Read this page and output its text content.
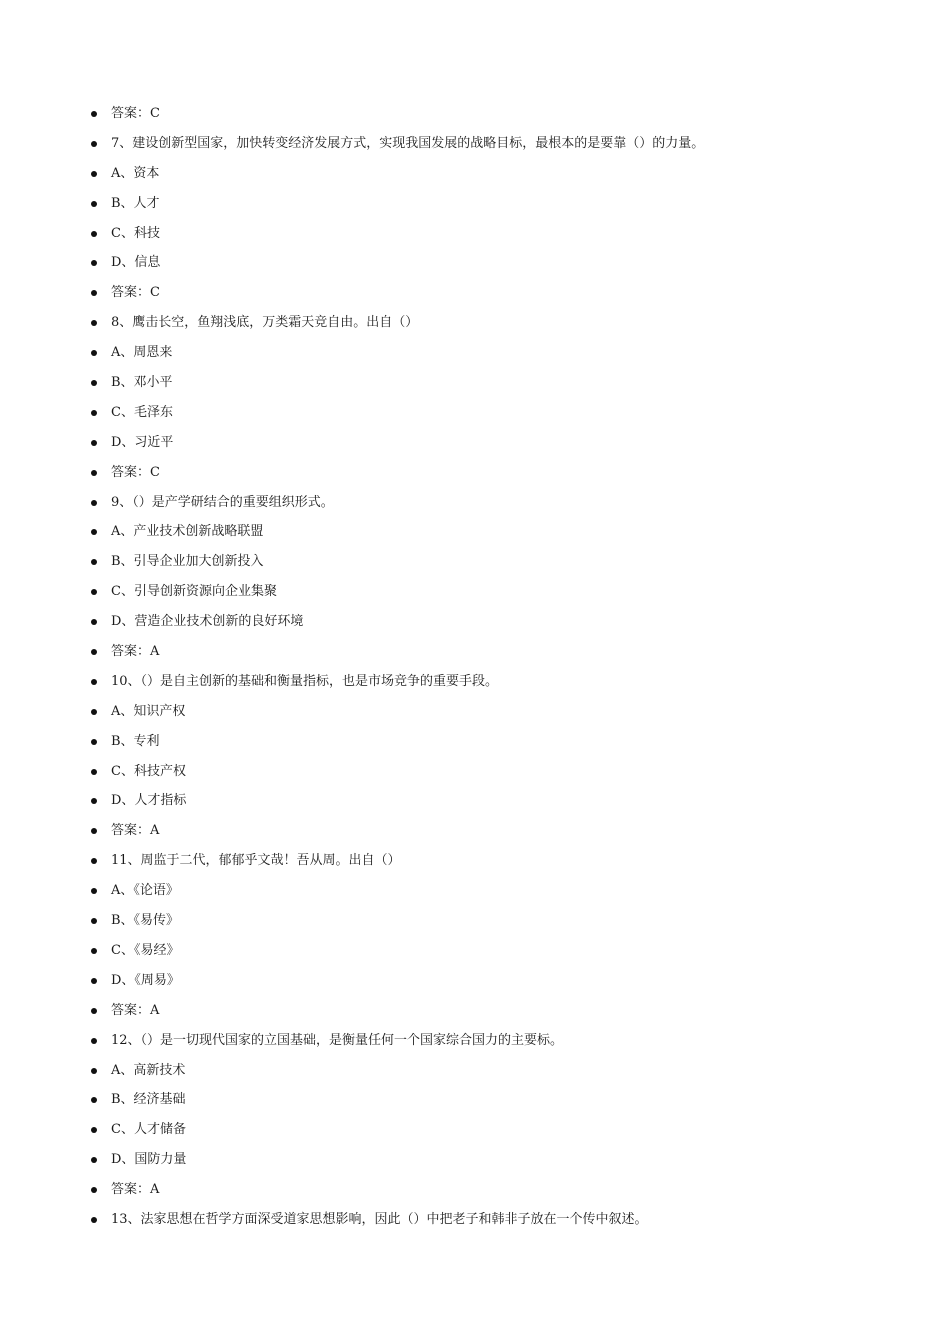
答案：C
7、建设创新型国家，加快转变经济发展方式，实现我国发展的战略目标，最根本的是要靠（）的力量。
A、资本
B、人才
C、科技
D、信息
答案：C
8、鹰击长空，鱼翔浅底，万类霜天竞自由。出自（）
A、周恩来
B、邓小平
C、毛泽东
D、习近平
答案：C
9、（）是产学研结合的重要组织形式。
A、产业技术创新战略联盟
B、引导企业加大创新投入
C、引导创新资源向企业集聚
D、营造企业技术创新的良好环境
答案：A
10、（）是自主创新的基础和衡量指标，也是市场竞争的重要手段。
A、知识产权
B、专利
C、科技产权
D、人才指标
答案：A
11、周监于二代，郁郁乎文哉！吾从周。出自（）
A、《论语》
B、《易传》
C、《易经》
D、《周易》
答案：A
12、（）是一切现代国家的立国基础，是衡量任何一个国家综合国力的主要标。
A、高新技术
B、经济基础
C、人才储备
D、国防力量
答案：A
13、法家思想在哲学方面深受道家思想影响，因此（）中把老子和韩非子放在一个传中叙述。
